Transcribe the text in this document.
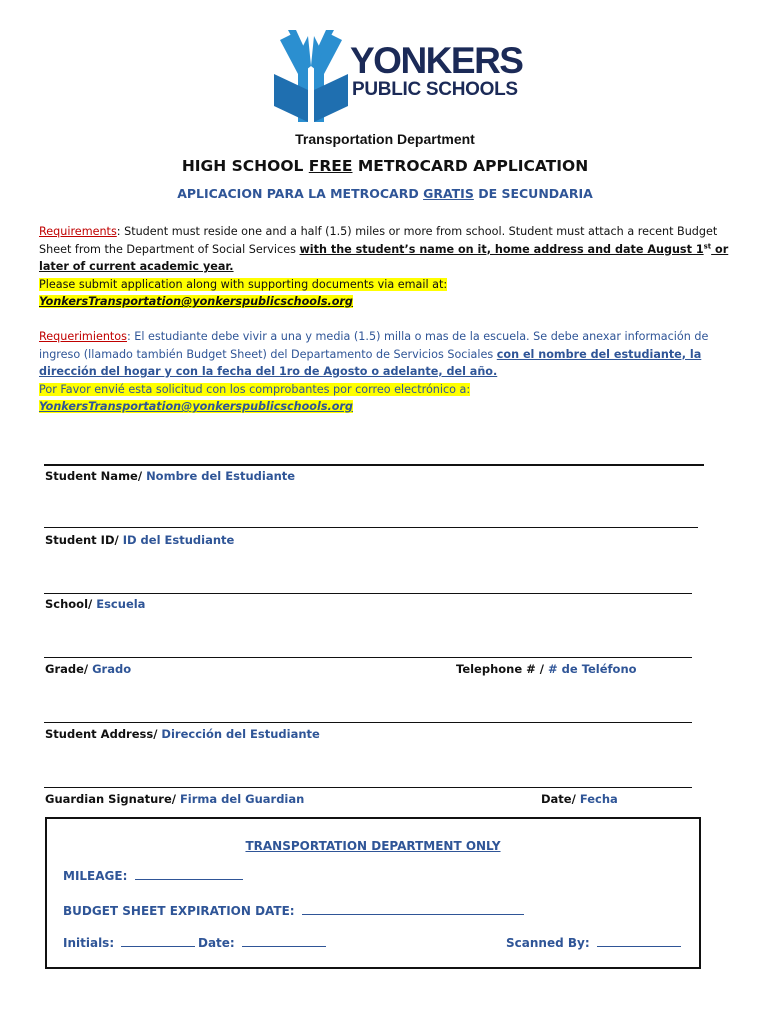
YONKERS
PUBLIC SCHOOLS
Transportation Department
HIGH SCHOOL FREE METROCARD APPLICATION
APLICACION PARA LA METROCARD GRATIS DE SECUNDARIA
Requirements: Student must reside one and a half (1.5) miles or more from school. Student must attach a recent Budget Sheet from the Department of Social Services with the student’s name on it, home address and date August 1st or later of current academic year.
Please submit application along with supporting documents via email at:
YonkersTransportation@yonkerspublicschools.org
Requerimientos: El estudiante debe vivir a una y media (1.5) milla o mas de la escuela. Se debe anexar información de ingreso (llamado también Budget Sheet) del Departamento de Servicios Sociales con el nombre del estudiante, la dirección del hogar y con la fecha del 1ro de Agosto o adelante, del año.
Por Favor envié esta solicitud con los comprobantes por correo electrónico a:
YonkersTransportation@yonkerspublicschools.org
Student Name/ Nombre del Estudiante
Student ID/ ID del Estudiante
School/ Escuela
Grade/ Grado	Telephone # / # de Teléfono
Student Address/ Dirección del Estudiante
Guardian Signature/ Firma del Guardian	Date/ Fecha
TRANSPORTATION DEPARTMENT ONLY
MILEAGE:
BUDGET SHEET EXPIRATION DATE:
Initials:	Date:	Scanned By:
